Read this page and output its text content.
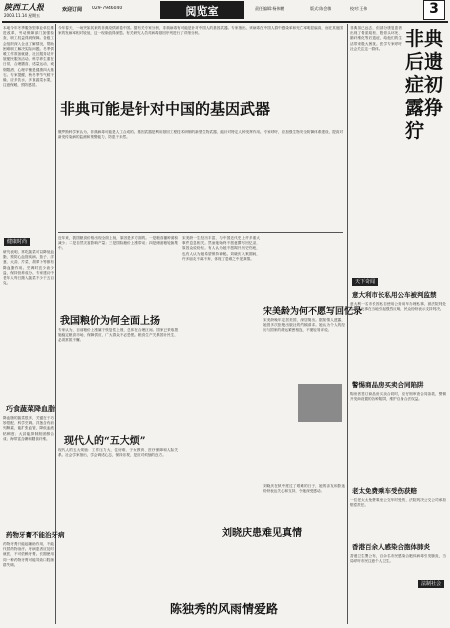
陕西工人报
2003.11.14 星期五
欢迎订阅 029-7946040	阅览室	责任编辑:杨伟鹏	版式:陈会敏	校对:王伟	3
本地今年冬季服务型事业单位推进改革，劳动保障部门加强检查，职工权益得到保障。各级工会组织深入企业了解情况，帮助困难职工解决实际问题。冬季供暖工作准备就绪，社区服务站开展便民服务活动。科学养生重在日常，合理膳食、适量运动、戒烟限酒、心理平衡是健康四大基石。专家提醒，秋冬季节气候干燥，应多饮水，多食蔬菜水果，注意保暖，预防感冒。
健康时尚
研究表明，常吃蔬菜可以降低血脂，预防心血管疾病。茄子、洋葱、大蒜、芹菜、胡萝卜等都有降血脂作用。烹调时宜少油少盐，保持营养成分。专家建议中老年人每日摄入蔬菜不少于五百克。
巧食蔬菜降血脂
降血脂的蔬菜很多，关键在于巧妙搭配、科学烹调。洋葱含有前列腺素，能扩张血管，降低血液粘稠度；大蒜能抑制胆固醇合成；海带富含碘和膳食纤维。
药物牙膏不能治牙病
药物牙膏只能起辅助作用，不能代替药物治疗。牙病患者应及时就医，不可依赖牙膏。长期使用同一种药物牙膏可能导致口腔菌群失调。
非典可能是针对中国的基因武器
今年春天，一场突如其来的非典疫情席卷中国。据有关专家分析，非典病毒有可能是针对中国人的基因武器。专家指出，该病毒在中国人群中感染率和死亡率明显偏高，而在其他国家的发病率相对较低，这一现象值得深思。有关研究人员对病毒基因序列进行了详细分析。
俄罗斯科学家认为，非典病毒可能是人工合成的。基因武器是利用基因工程技术研制的新型生物武器，能针对特定人种发挥作用。专家呼吁，应加强生物安全防御体系建设，提高对新发传染病的监测和预警能力，防患于未然。
近年来，我国粮食价格出现全面上扬，原因是多方面的。一是粮食播种面积减少；二是自然灾害影响产量；三是国际粮价上涨带动；四是储备粮轮换集中。
我国粮价为何全面上扬
专家认为，目前粮价上涨属于恢复性上涨，总体在合理区间。国家已采取措施稳定粮食市场，保障供应，广大群众不必恐慌。粮食生产关系国计民生，必须常抓不懈。
现代人的“五大烦”
现代人的五大烦恼：工作压力大、住房难、子女教育、医疗保障和人际关系。社会学家指出，学会调适心态，保持乐观，是应对烦恼的良方。
陈独秀的风雨情爱路
宋美龄一生经历丰富，与中国近代史上许多重大事件息息相关。然而她始终不愿意撰写回忆录，原因众说纷纭。有人认为她不愿揭开历史伤疤，也有人认为她希望保持神秘。刘晓庆入狱期间，许多朋友不离不弃，体现了患难之中见真情。
宋美龄为何不愿写回忆录
宋美龄晚年定居美国，深居简出。据知情人透露，她曾多次拒绝出版社的约稿请求。她认为个人的经历与国家的命运紧密相连，不便轻易评说。
刘晓庆患难见真情
刘晓庆在狱中度过了艰难的日子，她的亲友和影迷纷纷表达关心和支持，令她深受感动。
非典虽已远去，但部分康复患者出现了骨质疏松、股骨头坏死、肺纤维化等后遗症，给他们的生活带来极大困扰。医学专家呼吁社会关注这一群体。	非典后遗症初露狰狞
天下奇闻
意大利市长私用公车被判监禁
意大利一名市长因私自使用公务用车办理私事，被法院判处监禁。此事在当地引起强烈反响，民众纷纷表示支持判决。
警惕商品房买卖合同陷阱
购房者签订商品房买卖合同时，应仔细审查合同条款，警惕开发商设置的各种陷阱，维护自身合法权益。
老太免费乘车受伤获赔
一位老太太免费乘坐公交车时受伤，法院判决公交公司承担赔偿责任。
香港百余人感染合胞体肺炎
香港卫生署公布，百余名市民感染合胞体病毒引发肺炎，当局呼吁市民注意个人卫生。
法制社会
